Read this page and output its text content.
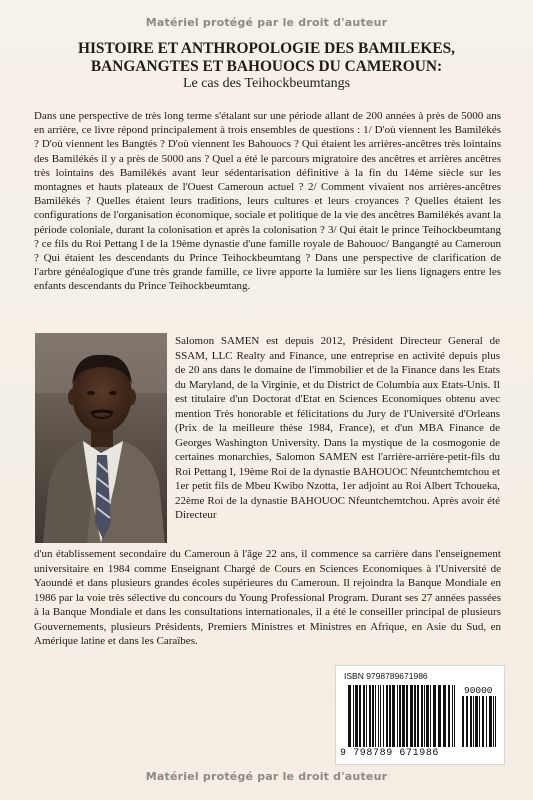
Matériel protégé par le droit d'auteur
HISTOIRE ET ANTHROPOLOGIE DES BAMILEKES,
BANGANGTES ET BAHOUOCS DU CAMEROUN:
Le cas des Teihockbeumtangs

Dans une perspective de très long terme s'étalant sur une période allant de 200 années à près de 5000 ans en arrière, ce livre répond principalement à trois ensembles de questions : 1/ D'où viennent les Bamilékés ? D'où viennent les Bangtés ? D'où viennent les Bahouocs ? Qui étaient les arrières-ancêtres très lointains des Bamilékés il y a près de 5000 ans ? Quel a été le parcours migratoire des ancêtres et arrières ancêtres très lointains des Bamilékés avant leur sédentarisation définitive à la fin du 14ème siècle sur les montagnes et hauts plateaux de l'Ouest Cameroun actuel ? 2/ Comment vivaient nos arrières-ancêtres Bamilékés ? Quelles étaient leurs traditions, leurs cultures et leurs croyances ? Quelles étaient les configurations de l'organisation économique, sociale et politique de la vie des ancêtres Bamilékés avant la période coloniale, durant la colonisation et après la colonisation ? 3/ Qui était le prince Teihockbeumtang ? ce fils du Roi Pettang I de la 19ème dynastie d'une famille royale de Bahouoc/ Bangangté au Cameroun ? Qui étaient les descendants du Prince Teihockbeumtang ? Dans une perspective de clarification de l'arbre généalogique d'une très grande famille, ce livre apporte la lumière sur les liens lignagers entre les enfants descendants du Prince Teihockbeumtang.

Salomon SAMEN est depuis 2012, Président Directeur General de SSAM, LLC Realty and Finance, une entreprise en activité depuis plus de 20 ans dans le domaine de l'immobilier et de la Finance dans les Etats du Maryland, de la Virginie, et du District de Columbia aux Etats-Unis. Il est titulaire d'un Doctorat d'Etat en Sciences Economiques obtenu avec mention Très honorable et félicitations du Jury de l'Université d'Orleans (Prix de la meilleure thèse 1984, France), et d'un MBA Finance de Georges Washington University. Dans la mystique de la cosmogonie de certaines monarchies, Salomon SAMEN est l'arrière-arrière-petit-fils du Roi Pettang I, 19ème Roi de la dynastie BAHOUOC Nfeuntchemtchou et 1er petit fils de Mbeu Kwibo Nzotta, 1er adjoint au Roi Albert Tchoueka, 22ème Roi de la dynastie BAHOUOC Nfeuntchemtchou. Après avoir été Directeur

d'un établissement secondaire du Cameroun à l'âge 22 ans, il commence sa carrière dans l'enseignement universitaire en 1984 comme Enseignant Chargé de Cours en Sciences Economiques à l'Université de Yaoundé et dans plusieurs grandes écoles supérieures du Cameroun. Il rejoindra la Banque Mondiale en 1986 par la voie très sélective du concours du Young Professional Program. Durant ses 27 années passées à la Banque Mondiale et dans les consultations internationales, il a été le conseiller principal de plusieurs Gouvernements, plusieurs Présidents, Premiers Ministres et Ministres en Afrique, en Asie du Sud, en Amérique latine et dans les Caraïbes.

ISBN 9798789671986
90000
9 798789 671986
Matériel protégé par le droit d'auteur
